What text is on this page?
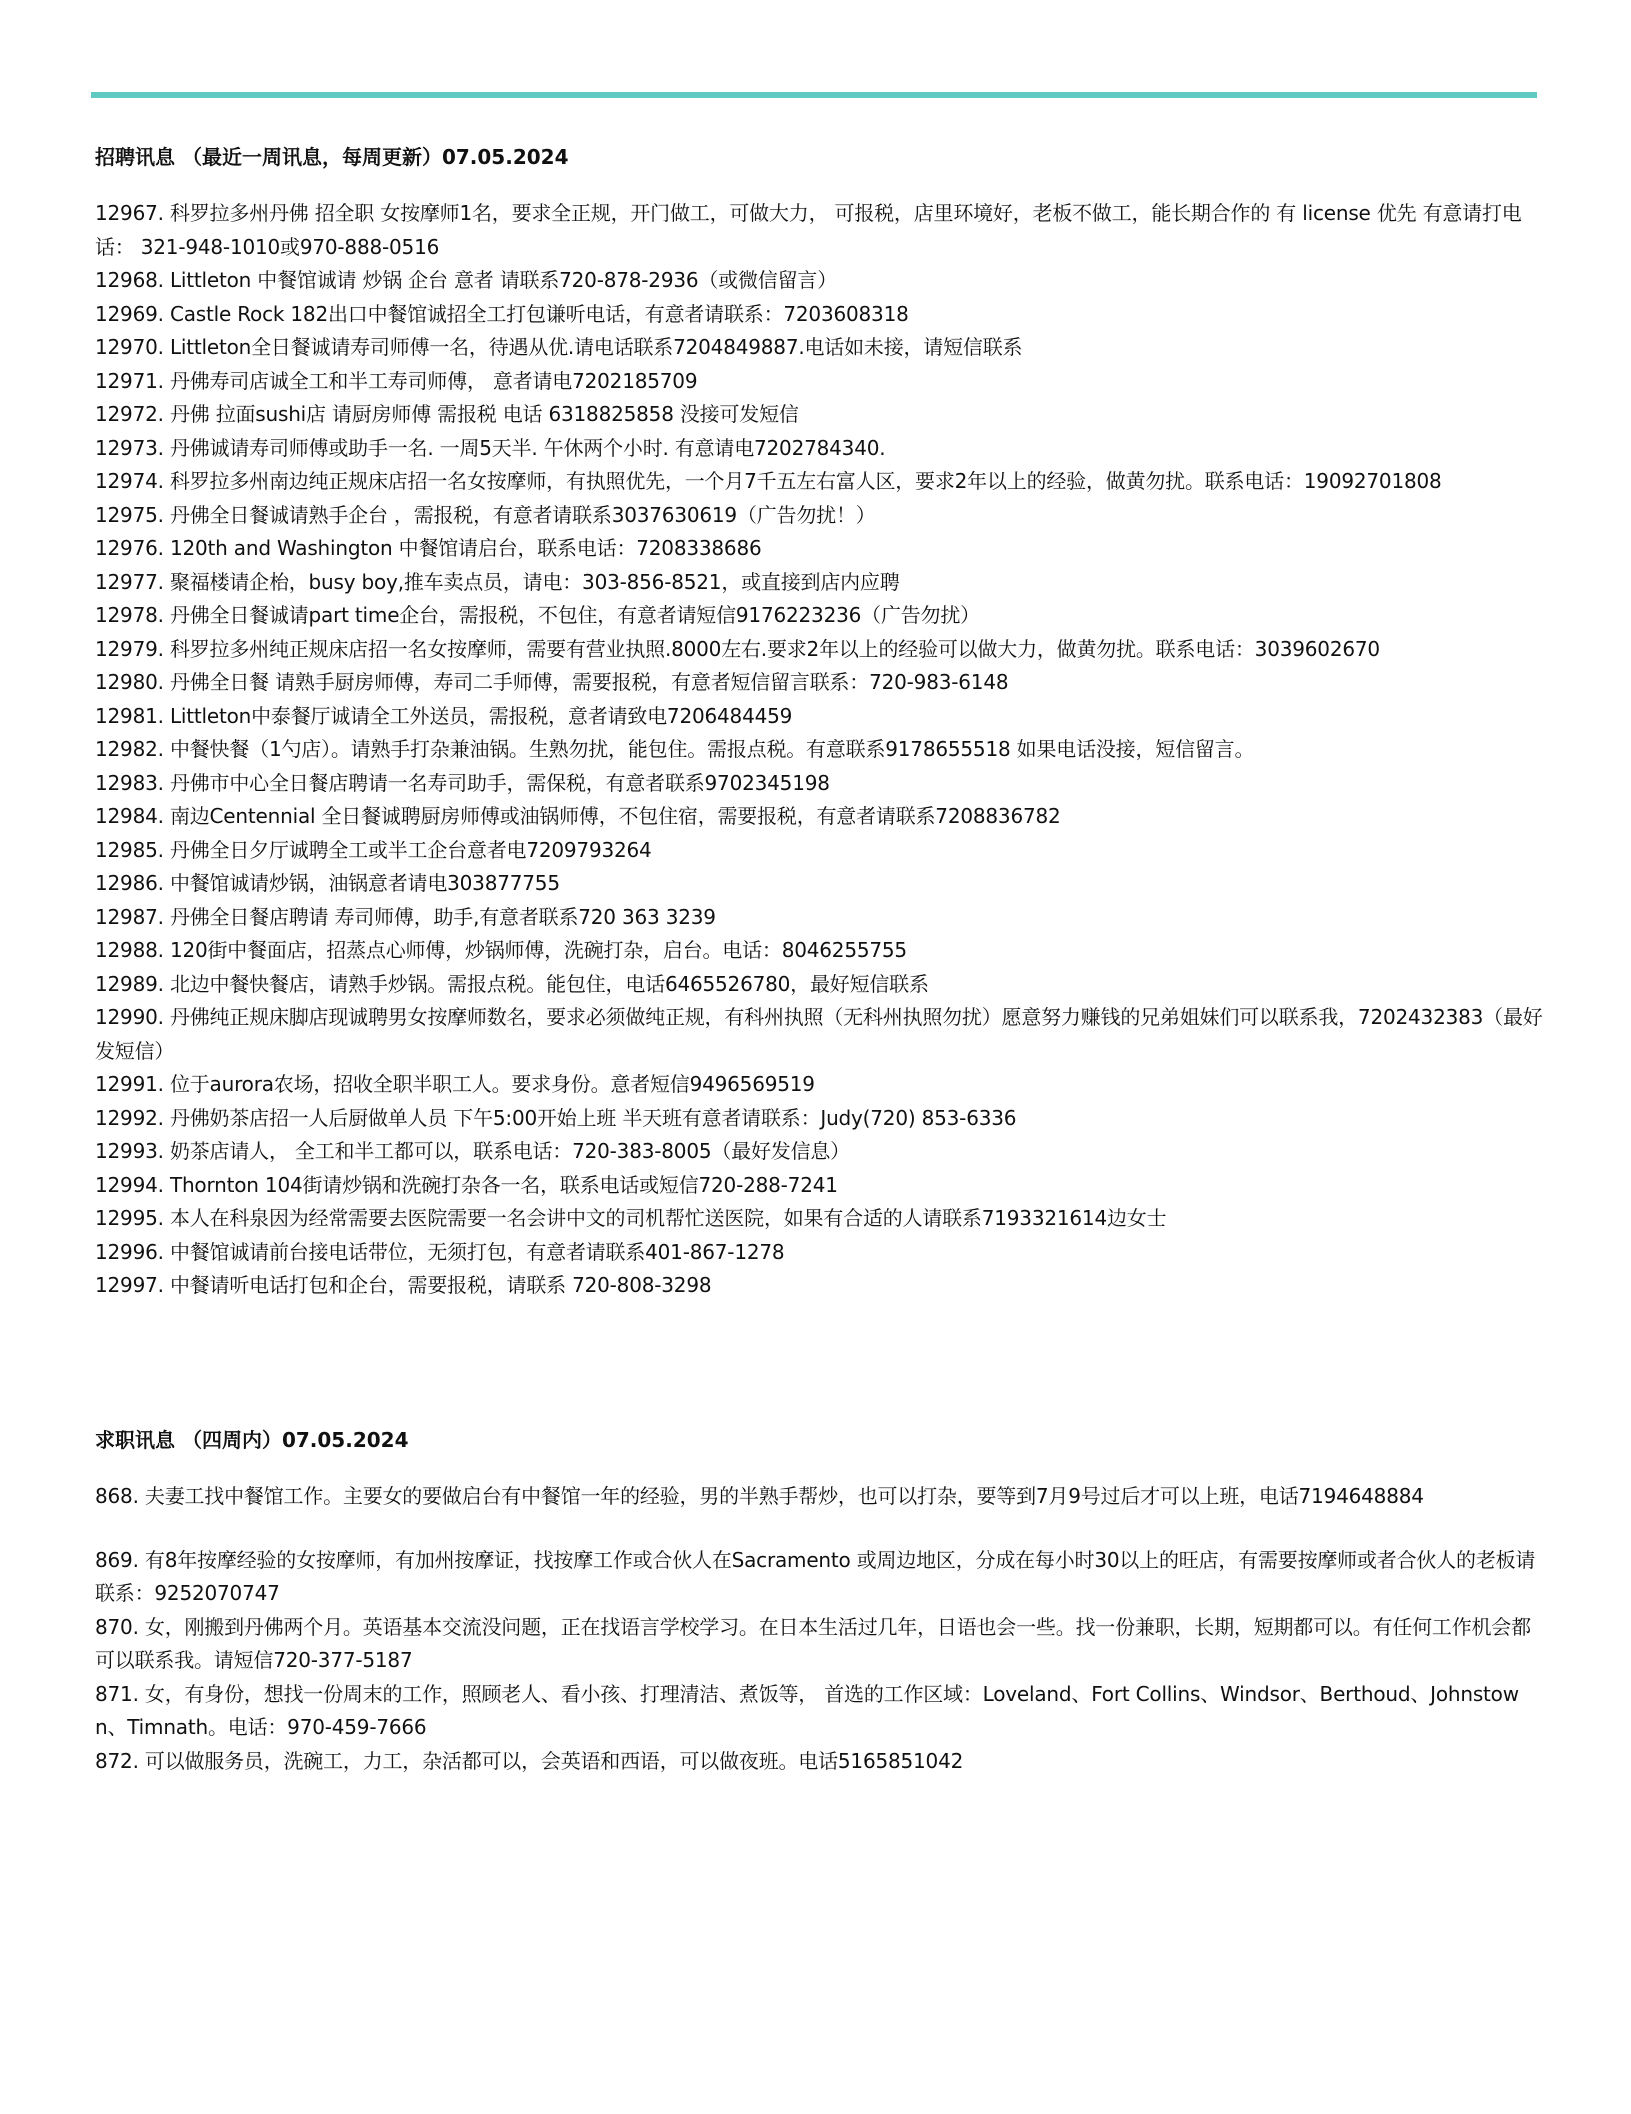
招聘讯息 （最近一周讯息，每周更新）07.05.2024

12967. 科罗拉多州丹佛 招全职 女按摩师1名，要求全正规，开门做工，可做大力， 可报税，店里环境好，老板不做工，能长期合作的 有 license 优先 有意请打电话： 321-948-1010或970-888-0516

12968. Littleton 中餐馆诚请 炒锅 企台 意者 请联系720-878-2936（或微信留言）

12969. Castle Rock 182出口中餐馆诚招全工打包谦听电话，有意者请联系：7203608318

12970. Littleton全日餐诚请寿司师傅一名，待遇从优.请电话联系7204849887.电话如未接，请短信联系

12971. 丹佛寿司店诚全工和半工寿司师傅， 意者请电7202185709

12972. 丹佛 拉面sushi店 请厨房师傅 需报税 电话 6318825858 没接可发短信

12973. 丹佛诚请寿司师傅或助手一名. 一周5天半. 午休两个小时. 有意请电7202784340.

12974. 科罗拉多州南边纯正规床店招一名女按摩师，有执照优先，一个月7千五左右富人区，要求2年以上的经验，做黄勿扰。联系电话：19092701808

12975. 丹佛全日餐诚请熟手企台 ，需报税，有意者请联系3037630619（广告勿扰！）

12976. 120th and Washington 中餐馆请启台，联系电话：7208338686

12977. 聚福楼请企枱，busy boy,推车卖点员，请电：303-856-8521，或直接到店内应聘

12978. 丹佛全日餐诚请part time企台，需报税，不包住，有意者请短信9176223236（广告勿扰）

12979. 科罗拉多州纯正规床店招一名女按摩师，需要有营业执照.8000左右.要求2年以上的经验可以做大力，做黄勿扰。联系电话：3039602670

12980. 丹佛全日餐 请熟手厨房师傅，寿司二手师傅，需要报税，有意者短信留言联系：720-983-6148

12981. Littleton中泰餐厅诚请全工外送员，需报税，意者请致电7206484459

12982. 中餐快餐（1勺店）。请熟手打杂兼油锅。生熟勿扰，能包住。需报点税。有意联系9178655518 如果电话没接，短信留言。

12983. 丹佛市中心全日餐店聘请一名寿司助手，需保税，有意者联系9702345198

12984. 南边Centennial 全日餐诚聘厨房师傅或油锅师傅，不包住宿，需要报税，有意者请联系7208836782

12985. 丹佛全日夕厅诚聘全工或半工企台意者电7209793264

12986. 中餐馆诚请炒锅，油锅意者请电303877755

12987. 丹佛全日餐店聘请 寿司师傅，助手,有意者联系720 363 3239

12988. 120街中餐面店，招蒸点心师傅，炒锅师傅，洗碗打杂，启台。电话：8046255755

12989. 北边中餐快餐店，请熟手炒锅。需报点税。能包住，电话6465526780，最好短信联系

12990. 丹佛纯正规床脚店现诚聘男女按摩师数名，要求必须做纯正规，有科州执照（无科州执照勿扰）愿意努力赚钱的兄弟姐妹们可以联系我，7202432383（最好发短信）

12991. 位于aurora农场，招收全职半职工人。要求身份。意者短信9496569519

12992. 丹佛奶茶店招一人后厨做单人员 下午5:00开始上班 半天班有意者请联系：Judy(720) 853-6336

12993. 奶茶店请人， 全工和半工都可以，联系电话：720-383-8005（最好发信息）

12994. Thornton 104街请炒锅和洗碗打杂各一名，联系电话或短信720-288-7241

12995. 本人在科泉因为经常需要去医院需要一名会讲中文的司机帮忙送医院，如果有合适的人请联系7193321614边女士

12996. 中餐馆诚请前台接电话带位，无须打包，有意者请联系401-867-1278

12997. 中餐请听电话打包和企台，需要报税，请联系 720-808-3298

求职讯息 （四周内）07.05.2024

868. 夫妻工找中餐馆工作。主要女的要做启台有中餐馆一年的经验，男的半熟手帮炒，也可以打杂，要等到7月9号过后才可以上班，电话7194648884

869. 有8年按摩经验的女按摩师，有加州按摩证，找按摩工作或合伙人在Sacramento 或周边地区，分成在每小时30以上的旺店，有需要按摩师或者合伙人的老板请联系：9252070747

870. 女，刚搬到丹佛两个月。英语基本交流没问题，正在找语言学校学习。在日本生活过几年，日语也会一些。找一份兼职，长期，短期都可以。有任何工作机会都可以联系我。请短信720-377-5187

871. 女，有身份，想找一份周末的工作，照顾老人、看小孩、打理清洁、煮饭等， 首选的工作区域：Loveland、Fort Collins、Windsor、Berthoud、Johnstown、Timnath。电话：970-459-7666

872. 可以做服务员，洗碗工，力工，杂活都可以，会英语和西语，可以做夜班。电话5165851042
